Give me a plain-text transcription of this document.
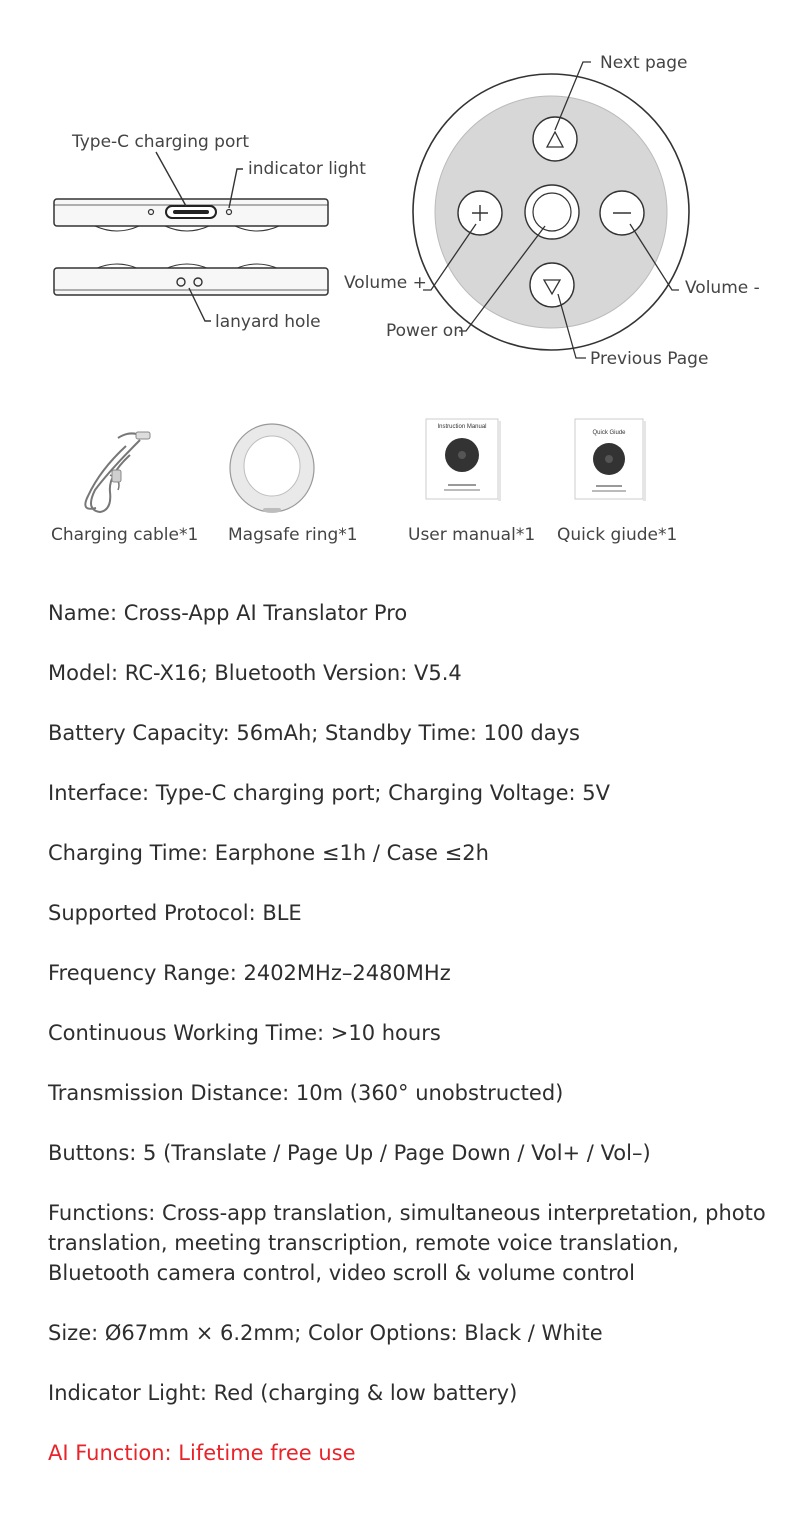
Instruction Manual
Quick Giude
Type-C charging port
indicator light
lanyard hole
Next page
Volume +	Volume -
Power on
Previous Page
Charging cable*1 Magsafe ring*1	User manual*1 Quick giude*1
Name: Cross-App AI Translator Pro
Model: RC-X16; Bluetooth Version: V5.4
Battery Capacity: 56mAh; Standby Time: 100 days
Interface: Type-C charging port; Charging Voltage: 5V
Charging Time: Earphone ≤1h / Case ≤2h
Supported Protocol: BLE
Frequency Range: 2402MHz–2480MHz
Continuous Working Time: >10 hours
Transmission Distance: 10m (360° unobstructed)
Buttons: 5 (Translate / Page Up / Page Down / Vol+ / Vol–)
Functions: Cross-app translation, simultaneous interpretation, photo translation, meeting transcription, remote voice translation, Bluetooth camera control, video scroll & volume control
Size: Ø67mm × 6.2mm; Color Options: Black / White
Indicator Light: Red (charging & low battery)
AI Function: Lifetime free use
